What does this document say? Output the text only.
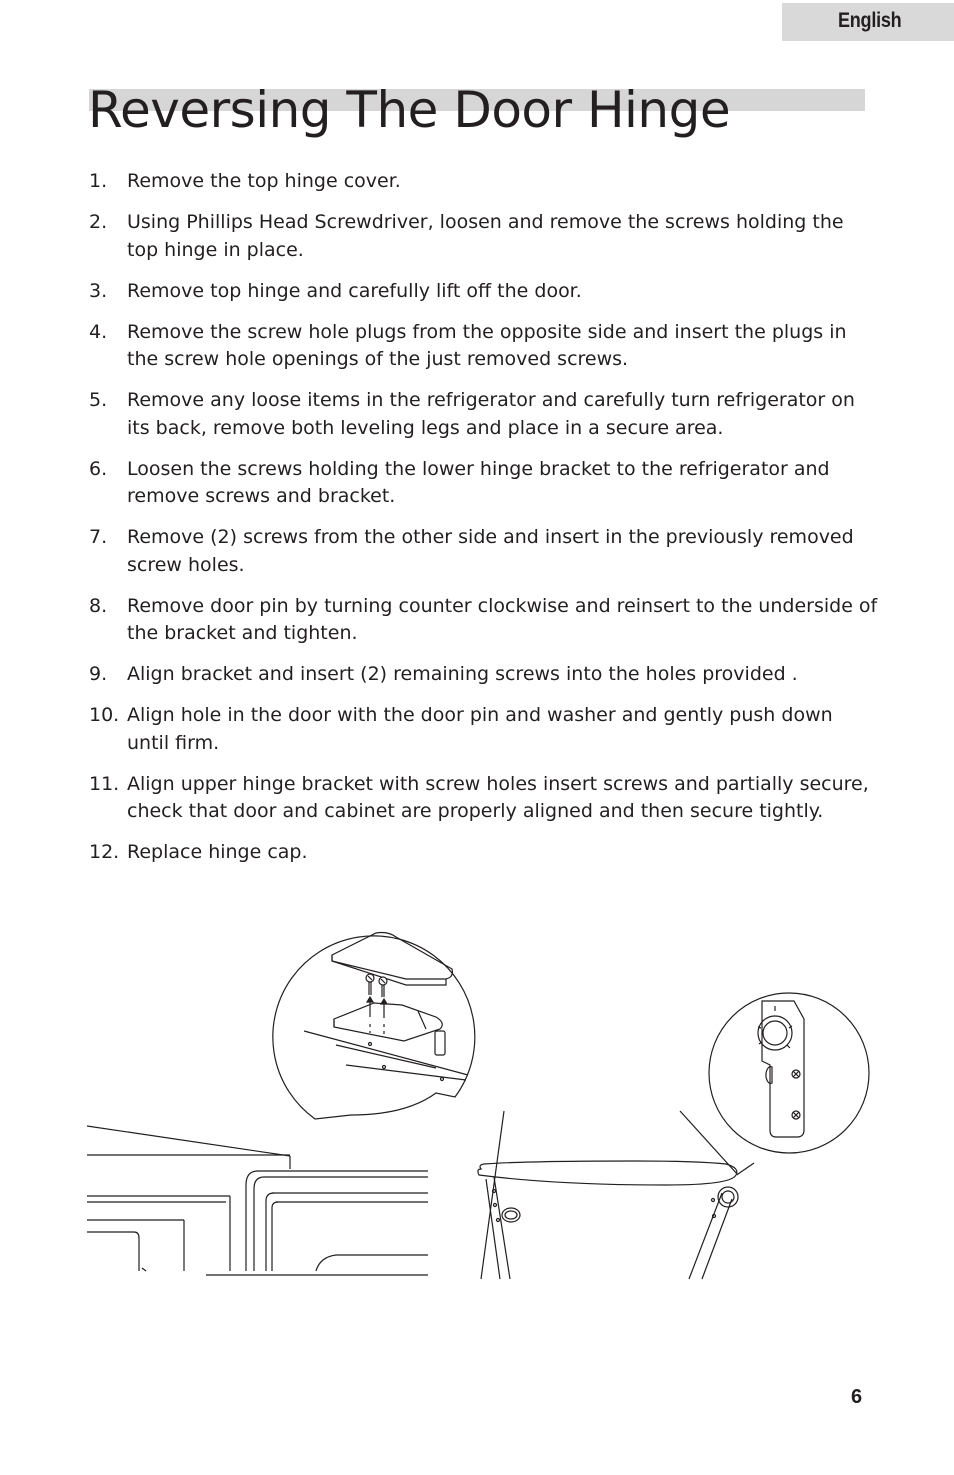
English
Reversing The Door Hinge
1. Remove the top hinge cover.
2. Using Phillips Head Screwdriver, loosen and remove the screws holding the top hinge in place.
3. Remove top hinge and carefully lift off the door.
4. Remove the screw hole plugs from the opposite side and insert the plugs in the screw hole openings of the just removed screws.
5. Remove any loose items in the refrigerator and carefully turn refrigerator on its back, remove both leveling legs and place in a secure area.
6. Loosen the screws holding the lower hinge bracket to the refrigerator and remove screws and bracket.
7. Remove (2) screws from the other side and insert in the previously removed screw holes.
8. Remove door pin by turning counter clockwise and reinsert to the underside of the bracket and tighten.
9. Align bracket and insert (2) remaining screws into the holes provided .
10. Align hole in the door with the door pin and washer and gently push down until firm.
11. Align upper hinge bracket with screw holes insert screws and partially secure, check that door and cabinet are properly aligned and then secure tightly.
12. Replace hinge cap.
6
